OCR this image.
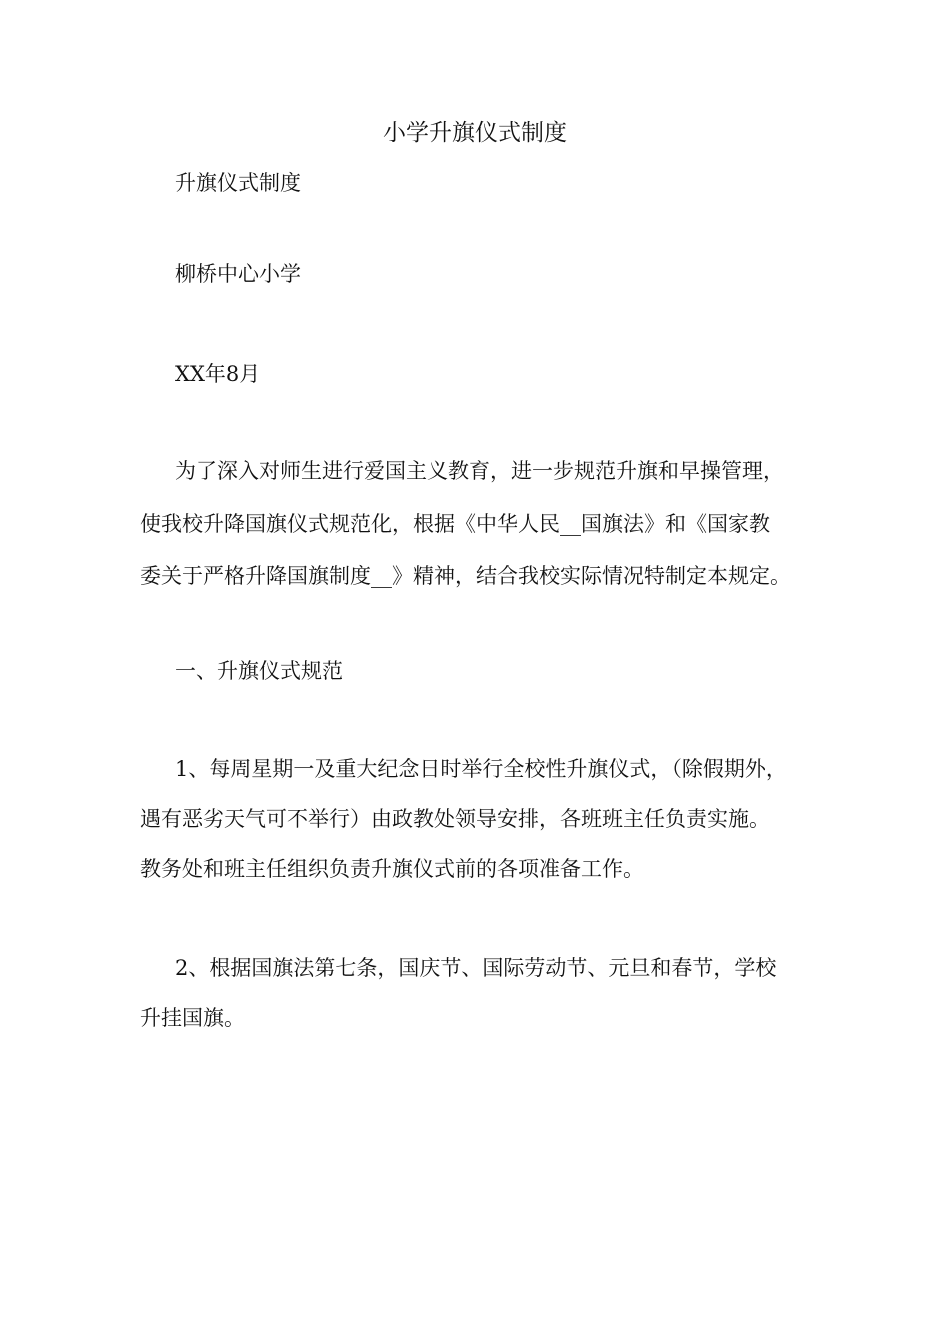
小学升旗仪式制度
升旗仪式制度
柳桥中心小学
XX年8月
为了深入对师生进行爱国主义教育，进一步规范升旗和早操管理，
使我校升降国旗仪式规范化，根据《中华人民__国旗法》和《国家教
委关于严格升降国旗制度__》精神，结合我校实际情况特制定本规定。
一、升旗仪式规范
1、每周星期一及重大纪念日时举行全校性升旗仪式，（除假期外，
遇有恶劣天气可不举行）由政教处领导安排，各班班主任负责实施。
教务处和班主任组织负责升旗仪式前的各项准备工作。
2、根据国旗法第七条，国庆节、国际劳动节、元旦和春节，学校
升挂国旗。
